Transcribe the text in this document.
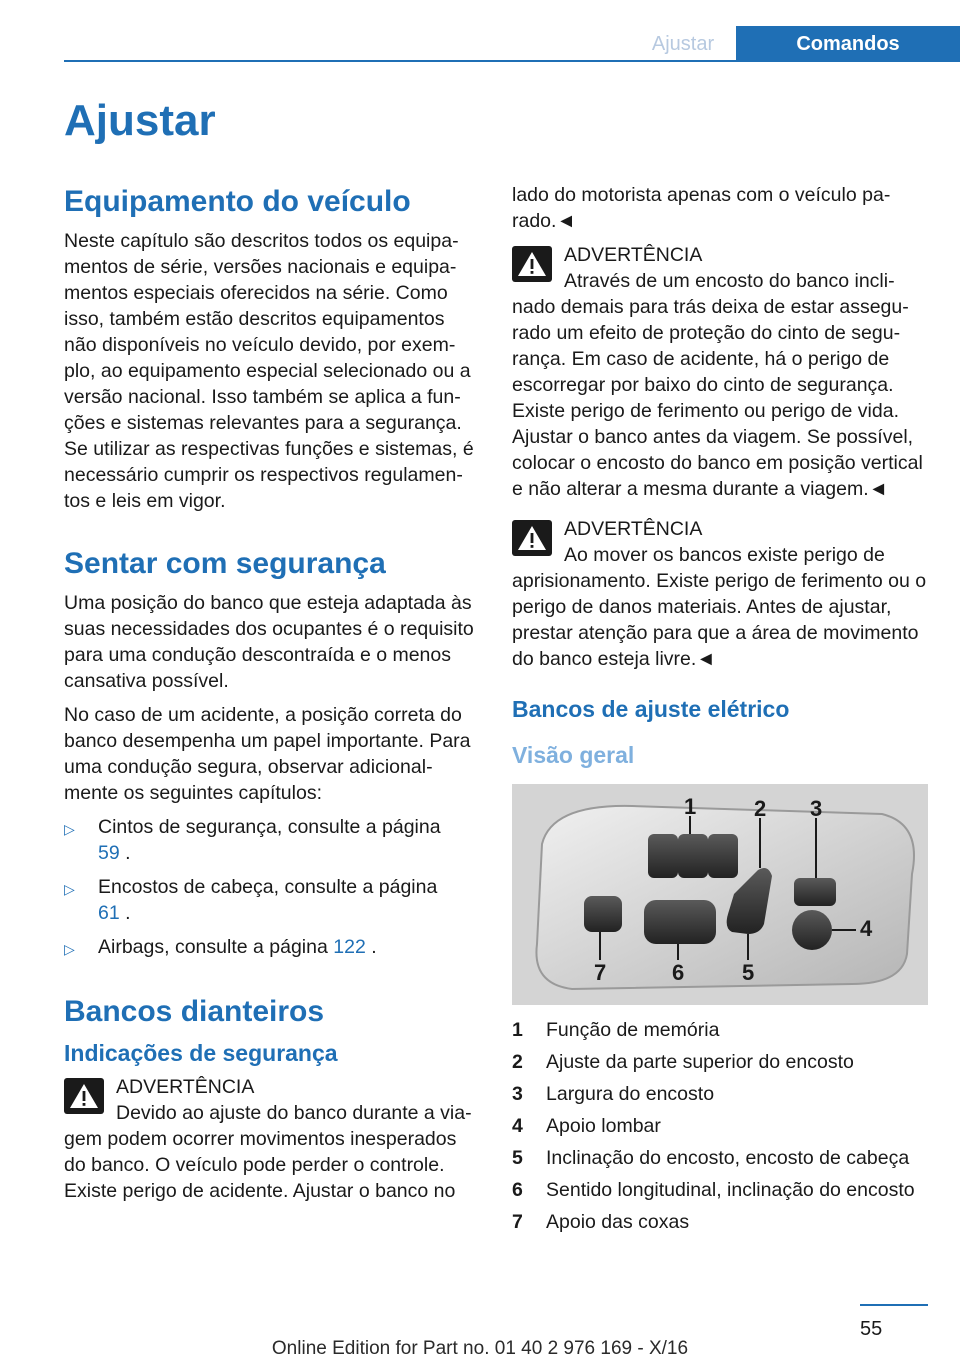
Ajustar	Comandos
Ajustar
Equipamento do veículo

Neste capítulo são descritos todos os equipamentos de série, versões nacionais e equipamentos especiais oferecidos na série. Como isso, também estão descritos equipamentos não disponíveis no veículo devido, por exemplo, ao equipamento especial selecionado ou a versão nacional. Isso também se aplica a funções e sistemas relevantes para a segurança. Se utilizar as respectivas funções e sistemas, é necessário cumprir os respectivos regulamentos e leis em vigor.

Sentar com segurança

Uma posição do banco que esteja adaptada às suas necessidades dos ocupantes é o requisito para uma condução descontraída e o menos cansativa possível.

No caso de um acidente, a posição correta do banco desempenha um papel importante. Para uma condução segura, observar adicionalmente os seguintes capítulos:

▷	Cintos de segurança, consulte a página
59 .
▷	Encostos de cabeça, consulte a página
61 .
▷	Airbags, consulte a página 122 .
Bancos dianteiros
Indicações de segurança
ADVERTÊNCIA
Devido ao ajuste do banco durante a viagem podem ocorrer movimentos inesperados do banco. O veículo pode perder o controle. Existe perigo de acidente. Ajustar o banco no

lado do motorista apenas com o veículo parado.◄

ADVERTÊNCIA
Através de um encosto do banco inclinado demais para trás deixa de estar assegurado um efeito de proteção do cinto de segurança. Em caso de acidente, há o perigo de escorregar por baixo do cinto de segurança. Existe perigo de ferimento ou perigo de vida. Ajustar o banco antes da viagem. Se possível, colocar o encosto do banco em posição vertical e não alterar a mesma durante a viagem.◄
ADVERTÊNCIA
Ao mover os bancos existe perigo de aprisionamento. Existe perigo de ferimento ou o perigo de danos materiais. Antes de ajustar, prestar atenção para que a área de movimento do banco esteja livre.◄
Bancos de ajuste elétrico
Visão geral
1	2 3
4
5
6
7
1	Função de memória
2	Ajuste da parte superior do encosto
3	Largura do encosto
4	Apoio lombar
5	Inclinação do encosto, encosto de cabeça
6	Sentido longitudinal, inclinação do encosto
7	Apoio das coxas
55
Online Edition for Part no. 01 40 2 976 169 - X/16
